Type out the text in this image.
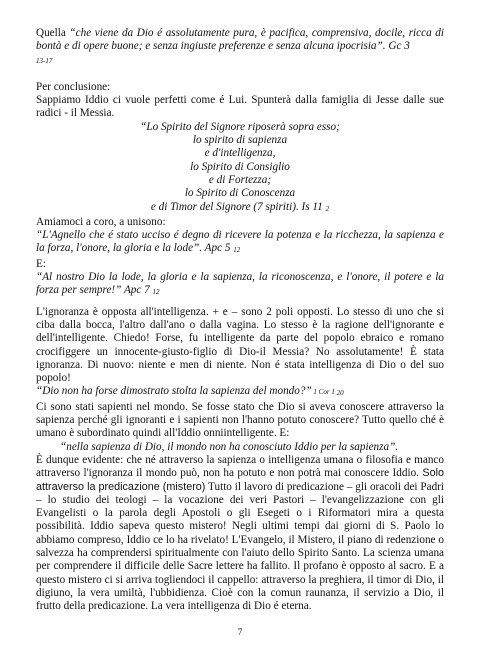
Quella “che viene da Dio é assolutamente pura, è pacifica, comprensiva, docile, ricca di bontà e di opere buone; e senza ingiuste preferenze e senza alcuna ipocrisia”. Gc 3
13-17

Per conclusione:

Sappiamo Iddio ci vuole perfetti come é Lui. Spunterà dalla famiglia di Jesse dalle sue radici - il Messia.

“Lo Spirito del Signore riposerà sopra esso;
lo spirito di sapienza
e d'intelligenza,
lo Spirito di Consiglio
e di Fortezza;
lo Spirito di Conoscenza
e di Timor del Signore (7 spiriti). Is 11 2

Amiamoci a coro, a unisono:

“L'Agnello che é stato ucciso é degno di ricevere la potenza e la ricchezza, la sapienza e la forza, l'onore, la gloria e la lode”. Apc 5 12

E:

“Al nostro Dio la lode, la gloria e la sapienza, la riconoscenza, e l'onore, il potere e la forza per sempre!” Apc 7 12

L'ignoranza è opposta all'intelligenza. + e – sono 2 poli opposti. Lo stesso di uno che si ciba dalla bocca, l'altro dall'ano o dalla vagina. Lo stesso è la ragione dell'ignorante e dell'intelligente. Chiedo! Forse, fu intelligente da parte del popolo ebraico e romano crocifiggere un innocente-giusto-figlio di Dio-il Messia? No assolutamente! È stata ignoranza. Di nuovo: niente e men di niente. Non é stata intelligenza di Dio o del suo popolo!

“Dio non ha forse dimostrato stolta la sapienza del mondo?” 1 Cor 1 20

Ci sono stati sapienti nel mondo. Se fosse stato che Dio si aveva conoscere attraverso la sapienza perché gli ignoranti e i sapienti non l'hanno potuto conoscere? Tutto quello ché è umano è subordinato quindi all'Iddio onniintelligente. E:

“nella sapienza di Dio, il mondo non ha conosciuto Iddio per la sapienza”.

È dunque evidente: che né attraverso la sapienza o intelligenza umana o filosofia e manco attraverso l'ignoranza il mondo può, non ha potuto e non potrà mai conoscere Iddio. Solo attraverso la predicazione (mistero) Tutto il lavoro di predicazione – gli oracoli dei Padri – lo studio dei teologi – la vocazione dei veri Pastori – l'evangelizzazione con gli Evangelisti o la parola degli Apostoli o gli Esegeti o i Riformatori mira a questa possibilità. Iddio sapeva questo mistero! Negli ultimi tempi dai giorni di S. Paolo lo abbiamo compreso, Iddio ce lo ha rivelato! L'Evangelo, il Mistero, il piano di redenzione o salvezza ha comprendersi spiritualmente con l'aiuto dello Spirito Santo. La scienza umana per comprendere il difficile delle Sacre lettere ha fallito. Il profano è opposto al sacro. E a questo mistero ci si arriva togliendoci il cappello: attraverso la preghiera, il timor di Dio, il digiuno, la vera umiltà, l'ubbidienza. Cioè con la comun raunanza, il servizio a Dio, il frutto della predicazione. La vera intelligenza di Dio é eterna.

7
